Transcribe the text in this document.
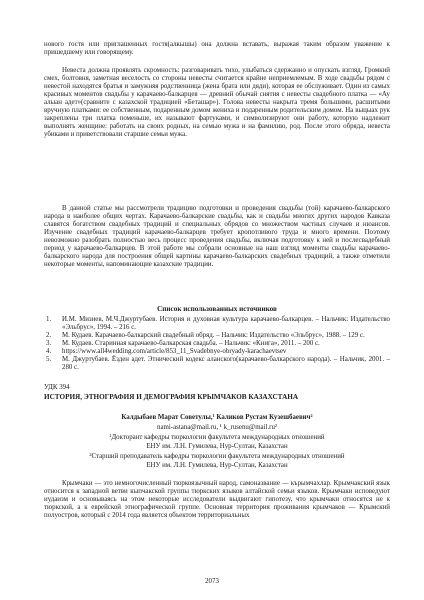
нового гостя или приглашенных гостя(алкышы) она должна вставать, выражая таким образом уважение к пришедшему или говорящему.

Невеста должна проявлять скромность: разговаривать тихо, улыбаться сдержанно и опускать взгляд. Громкий смех, болтовня, заметная веселость со стороны невесты считается крайне неприемлемым. В ходе свадьбы рядом с невестой находятся братья и замужняя родственница (жена брата или дяди), которая ее обслуживает. Один из самых красивых моментов свадьбы у карачаево-балкарцев — древний обычай снятия с невесты свадебного платка — «Ау алыан адет»(сравните с казахской традицией «Беташар»). Голова невесты накрыта тремя большими, расшитыми вручную платками: ее собственным, подаренным домом жениха и подаренным родительским домом. На выцыах рук закреплены три платка поменьше, их называют фартуками, и символизируют они работу, которую надлежит выполнять женщине: работать на своих родных, на семью мужа и на фамилию, род. После этого обряда, невеста убиками и приветствовали старшие семьи мужа.

В данной статье мы рассмотрели традицию подготовки и проведения свадьбы (той) карачаево-балкарского народа в наиболее общих чертах. Карачаево-балкарские свадьбы, как и свадьбы многих других народов Кавказа славятся богатством свадебных традиций и специальных обрядов со множеством частных случаев и нюансов. Изучение свадебных традиций карачаево-балкарцев требует кропотливого труда и много времени. Поэтому невозможно разобрать полностью весь процесс проведения свадьбы, включая подготовку к ней и послесвадебный период у карачаево-балкарцев. В этой работе мы собрали основные на наш взгляд моменты свадьбы карачаево-балкарского народа для построения общей картины карачаево-балкарских свадебных традиций, а также отметили некоторые моменты, напоминающие казахские традиции.

Список использованных источников

1. И.М. Мизиев, М.Ч.Джуртубаев. История и духовная культура карачаево-балкарцев. – Нальчик: Издательство «Эльбрус», 1994. – 216 с.
2. М. Кудаев. Карачаево-балкарский свадебный обряд. – Нальчик: Издательство «Эльбрус», 1988. – 129 с.
3. М. Кудаев. Старинная карачаево-балкарская свадьба. – Нальчик: «Книга», 2011. – 200 с.
4. https://www.all4wedding.com/article/853_11_Svadebnye-obryady-karachaevtsev
5. М. Джуртубаев. Ёзден адет. Этнический кодекс аланского(карачаево-балкарского народа). – Нальчик, 2001. – 280 с.

УДК 394

ИСТОРИЯ, ЭТНОГРАФИЯ И ДЕМОГРАФИЯ КРЫМЧАКОВ КАЗАХСТАНА

Калдыбаев Марат Советулы,¹ Каликов Рустам Кузешбаевич²

nami-astana@mail.ru, ¹ k_rusenu@mail.ru²

¹Докторант кафедры тюркологии факультета международных отношений

ЕНУ им. Л.Н. Гумилева, Нур-Султан, Казахстан

²Старший преподаватель кафедры тюркологии факультета международных отношений

ЕНУ им. Л.Н. Гумилева, Нур-Султан, Казахстан

Крымчаки — это немногочисленный тюркоязычный народ, самоназвание — кърымчахлар. Крымчакский язык относится к западной ветви кыпчакской группы тюркских языков алтайской семьи языков. Крымчаки исповедуют иудаизм и основываясь на этом некоторые исследователи выдвигают гипотезу, что крымчаки относятся не к тюркской, а к еврейской этнографической группе. Основная территория проживания крымчаков — Крымский полуостров, который с 2014 года является объектом территориальных

2073
